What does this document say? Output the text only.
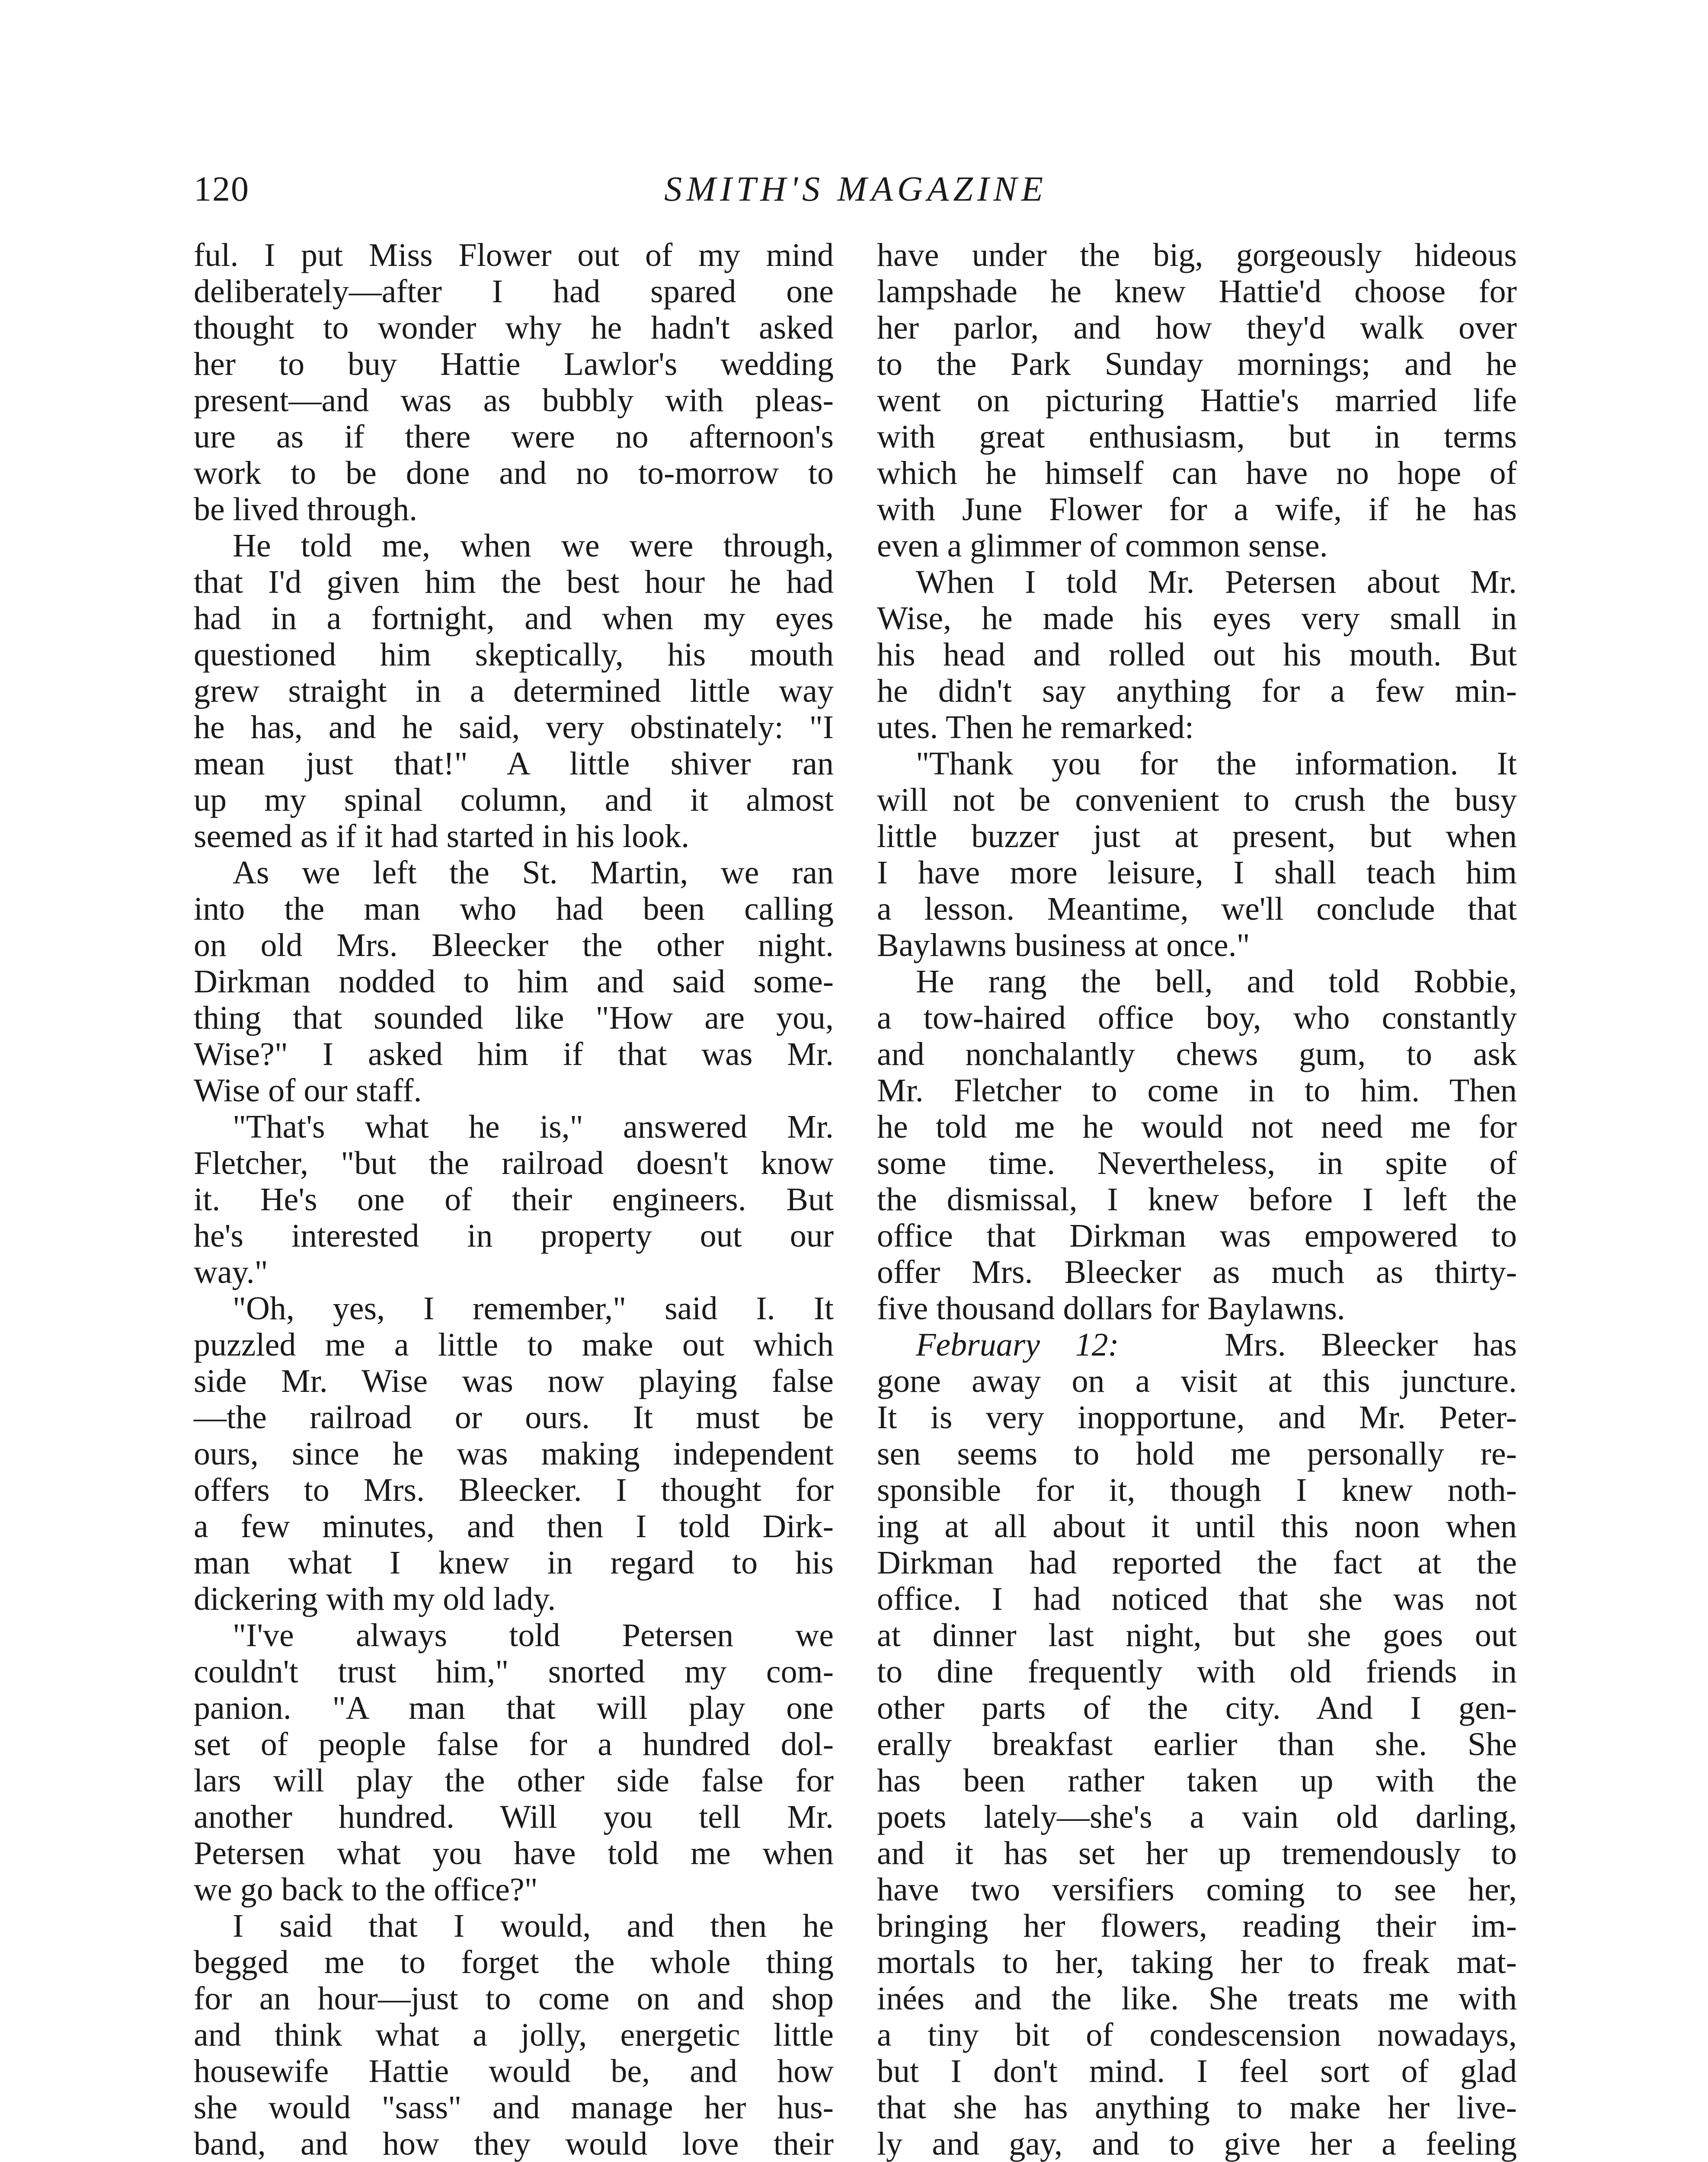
120	SMITH'S MAGAZINE
ful. I put Miss Flower out of my mind
deliberately—after I had spared one
thought to wonder why he hadn't asked
her to buy Hattie Lawlor's wedding
present—and was as bubbly with pleas-
ure as if there were no afternoon's
work to be done and no to-morrow to
be lived through.
He told me, when we were through,
that I'd given him the best hour he had
had in a fortnight, and when my eyes
questioned him skeptically, his mouth
grew straight in a determined little way
he has, and he said, very obstinately: "I
mean just that!" A little shiver ran
up my spinal column, and it almost
seemed as if it had started in his look.
As we left the St. Martin, we ran
into the man who had been calling
on old Mrs. Bleecker the other night.
Dirkman nodded to him and said some-
thing that sounded like "How are you,
Wise?" I asked him if that was Mr.
Wise of our staff.
"That's what he is," answered Mr.
Fletcher, "but the railroad doesn't know
it. He's one of their engineers. But
he's interested in property out our
way."
"Oh, yes, I remember," said I. It
puzzled me a little to make out which
side Mr. Wise was now playing false
—the railroad or ours. It must be
ours, since he was making independent
offers to Mrs. Bleecker. I thought for
a few minutes, and then I told Dirk-
man what I knew in regard to his
dickering with my old lady.
"I've always told Petersen we
couldn't trust him," snorted my com-
panion. "A man that will play one
set of people false for a hundred dol-
lars will play the other side false for
another hundred. Will you tell Mr.
Petersen what you have told me when
we go back to the office?"
I said that I would, and then he
begged me to forget the whole thing
for an hour—just to come on and shop
and think what a jolly, energetic little
housewife Hattie would be, and how
she would "sass" and manage her hus-
band, and how they would love their
have under the big, gorgeously hideous
lampshade he knew Hattie'd choose for
her parlor, and how they'd walk over
to the Park Sunday mornings; and he
went on picturing Hattie's married life
with great enthusiasm, but in terms
which he himself can have no hope of
with June Flower for a wife, if he has
even a glimmer of common sense.
When I told Mr. Petersen about Mr.
Wise, he made his eyes very small in
his head and rolled out his mouth. But
he didn't say anything for a few min-
utes. Then he remarked:
"Thank you for the information. It
will not be convenient to crush the busy
little buzzer just at present, but when
I have more leisure, I shall teach him
a lesson. Meantime, we'll conclude that
Baylawns business at once."
He rang the bell, and told Robbie,
a tow-haired office boy, who constantly
and nonchalantly chews gum, to ask
Mr. Fletcher to come in to him. Then
he told me he would not need me for
some time. Nevertheless, in spite of
the dismissal, I knew before I left the
office that Dirkman was empowered to
offer Mrs. Bleecker as much as thirty-
five thousand dollars for Baylawns.
February 12:	Mrs. Bleecker has
gone away on a visit at this juncture.
It is very inopportune, and Mr. Peter-
sen seems to hold me personally re-
sponsible for it, though I knew noth-
ing at all about it until this noon when
Dirkman had reported the fact at the
office. I had noticed that she was not
at dinner last night, but she goes out
to dine frequently with old friends in
other parts of the city. And I gen-
erally breakfast earlier than she. She
has been rather taken up with the
poets lately—she's a vain old darling,
and it has set her up tremendously to
have two versifiers coming to see her,
bringing her flowers, reading their im-
mortals to her, taking her to freak mat-
inées and the like. She treats me with
a tiny bit of condescension nowadays,
but I don't mind. I feel sort of glad
that she has anything to make her live-
ly and gay, and to give her a feeling
